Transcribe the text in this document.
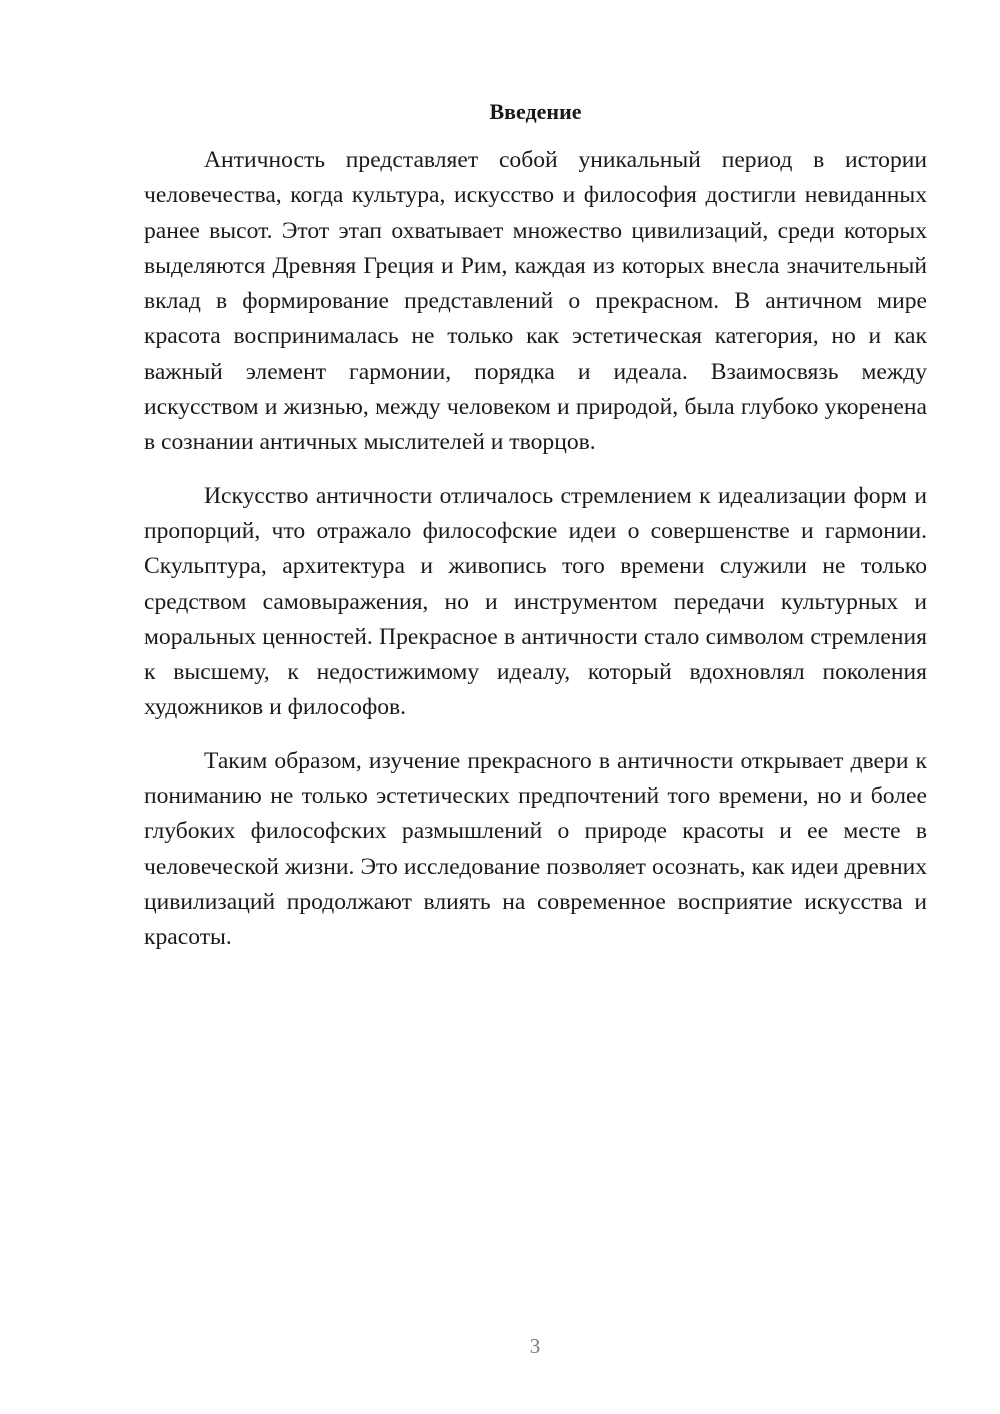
Введение

Античность представляет собой уникальный период в истории человечества, когда культура, искусство и философия достигли невиданных ранее высот. Этот этап охватывает множество цивилизаций, среди которых выделяются Древняя Греция и Рим, каждая из которых внесла значительный вклад в формирование представлений о прекрасном. В античном мире красота воспринималась не только как эстетическая категория, но и как важный элемент гармонии, порядка и идеала. Взаимосвязь между искусством и жизнью, между человеком и природой, была глубоко укоренена в сознании античных мыслителей и творцов.

Искусство античности отличалось стремлением к идеализации форм и пропорций, что отражало философские идеи о совершенстве и гармонии. Скульптура, архитектура и живопись того времени служили не только средством самовыражения, но и инструментом передачи культурных и моральных ценностей. Прекрасное в античности стало символом стремления к высшему, к недостижимому идеалу, который вдохновлял поколения художников и философов.

Таким образом, изучение прекрасного в античности открывает двери к пониманию не только эстетических предпочтений того времени, но и более глубоких философских размышлений о природе красоты и ее месте в человеческой жизни. Это исследование позволяет осознать, как идеи древних цивилизаций продолжают влиять на современное восприятие искусства и красоты.

3
